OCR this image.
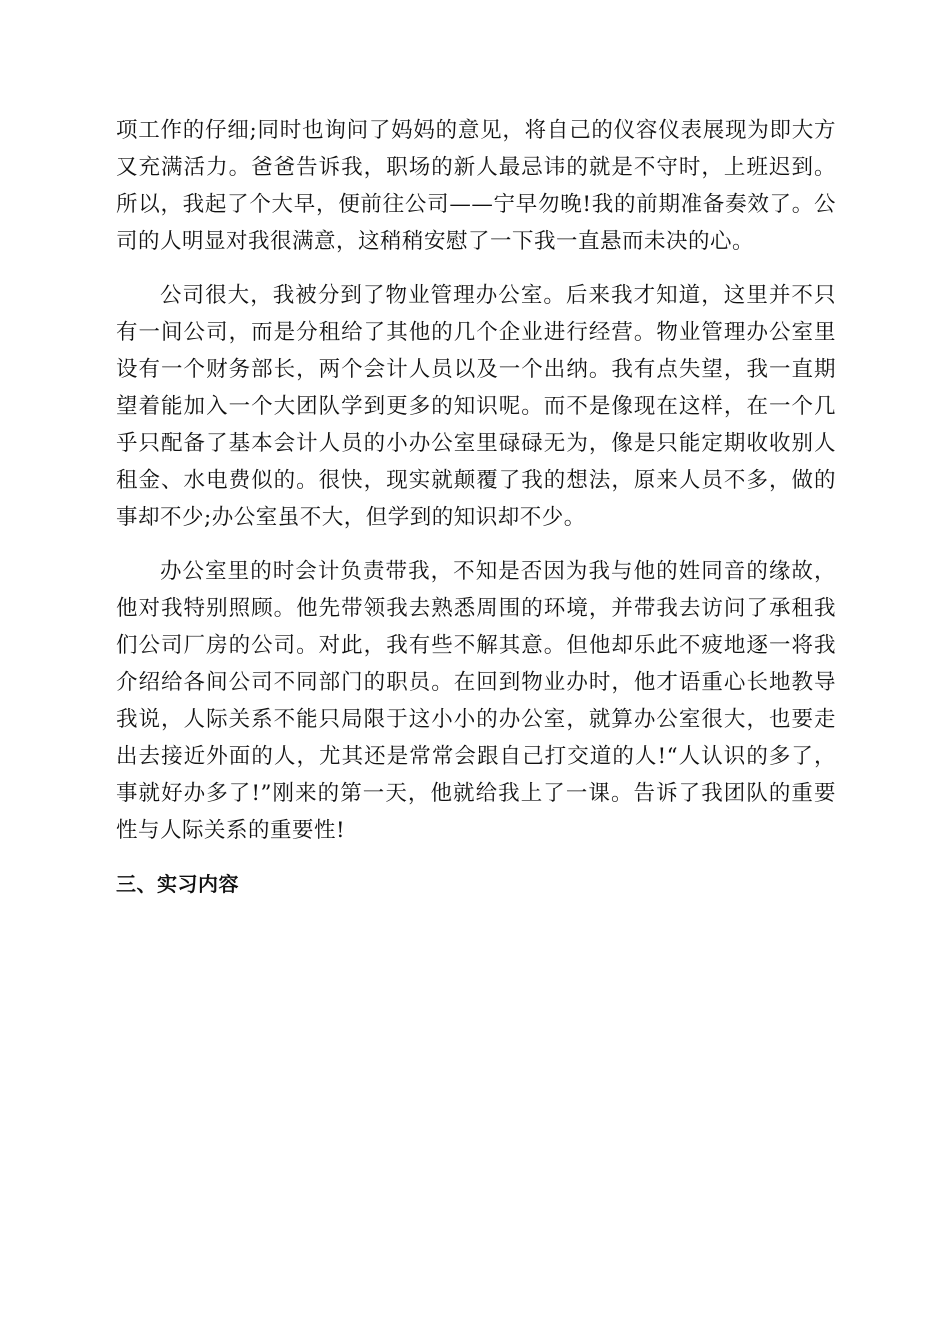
项工作的仔细;同时也询问了妈妈的意见，将自己的仪容仪表展现为即大方又充满活力。爸爸告诉我，职场的新人最忌讳的就是不守时，上班迟到。所以，我起了个大早，便前往公司——宁早勿晚!我的前期准备奏效了。公司的人明显对我很满意，这稍稍安慰了一下我一直悬而未决的心。

公司很大，我被分到了物业管理办公室。后来我才知道，这里并不只有一间公司，而是分租给了其他的几个企业进行经营。物业管理办公室里设有一个财务部长，两个会计人员以及一个出纳。我有点失望，我一直期望着能加入一个大团队学到更多的知识呢。而不是像现在这样，在一个几乎只配备了基本会计人员的小办公室里碌碌无为，像是只能定期收收别人租金、水电费似的。很快，现实就颠覆了我的想法，原来人员不多，做的事却不少;办公室虽不大，但学到的知识却不少。

办公室里的时会计负责带我，不知是否因为我与他的姓同音的缘故，他对我特别照顾。他先带领我去熟悉周围的环境，并带我去访问了承租我们公司厂房的公司。对此，我有些不解其意。但他却乐此不疲地逐一将我介绍给各间公司不同部门的职员。在回到物业办时，他才语重心长地教导我说，人际关系不能只局限于这小小的办公室，就算办公室很大，也要走出去接近外面的人，尤其还是常常会跟自己打交道的人!“人认识的多了，事就好办多了!”刚来的第一天，他就给我上了一课。告诉了我团队的重要性与人际关系的重要性!

三、实习内容
